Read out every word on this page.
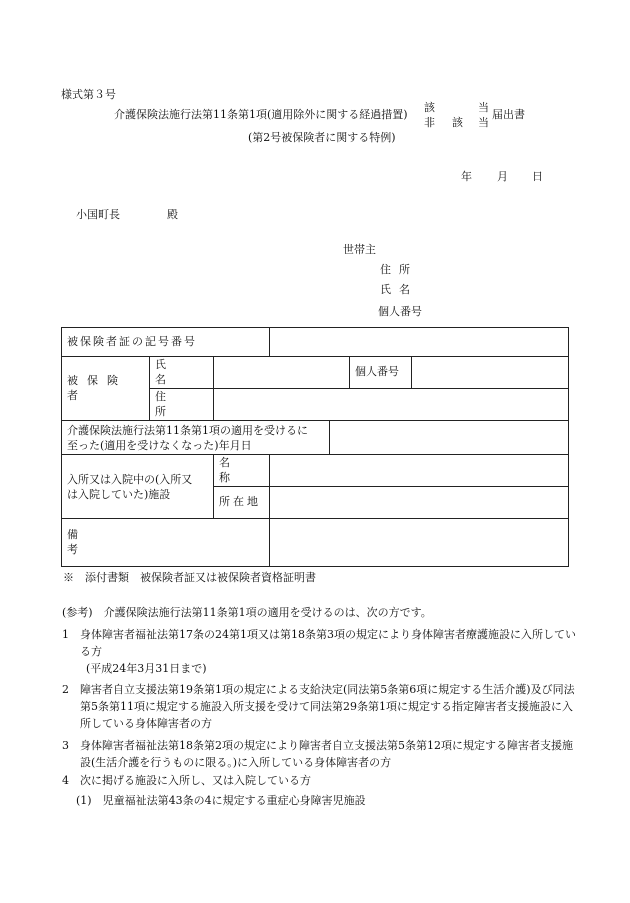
様式第３号
介護保険法施行法第11条第1項(適用除外に関する経過措置)
該	当
非 該 当
届出書
(第2号被保険者に関する特例)
年 月 日
小国町長	殿
世帯主
住所
氏名
個人番号
被保険者証の記号番号						
被保険者	氏名				個人番号	

住所					

介護保険法施行法第11条第1項の適用を受けるに
至った(適用を受けなくなった)年月日						

入所又は入院中の(入所又
は入院していた)施設		名称				
		所在地				

備考						

※　添付書類　被保険者証又は被保険者資格証明書
(参考)　介護保険法施行法第11条第1項の適用を受けるのは、次の方です。
1 身体障害者福祉法第17条の24第1項又は第18条第3項の規定により身体障害者療護施設に入所している方
(平成24年3月31日まで)
2 障害者自立支援法第19条第1項の規定による支給決定(同法第5条第6項に規定する生活介護)及び同法第5条第11項に規定する施設入所支援を受けて同法第29条第1項に規定する指定障害者支援施設に入所している身体障害者の方
3 身体障害者福祉法第18条第2項の規定により障害者自立支援法第5条第12項に規定する障害者支援施設(生活介護を行うものに限る。)に入所している身体障害者の方
4 次に掲げる施設に入所し、又は入院している方
(1)　児童福祉法第43条の4に規定する重症心身障害児施設
